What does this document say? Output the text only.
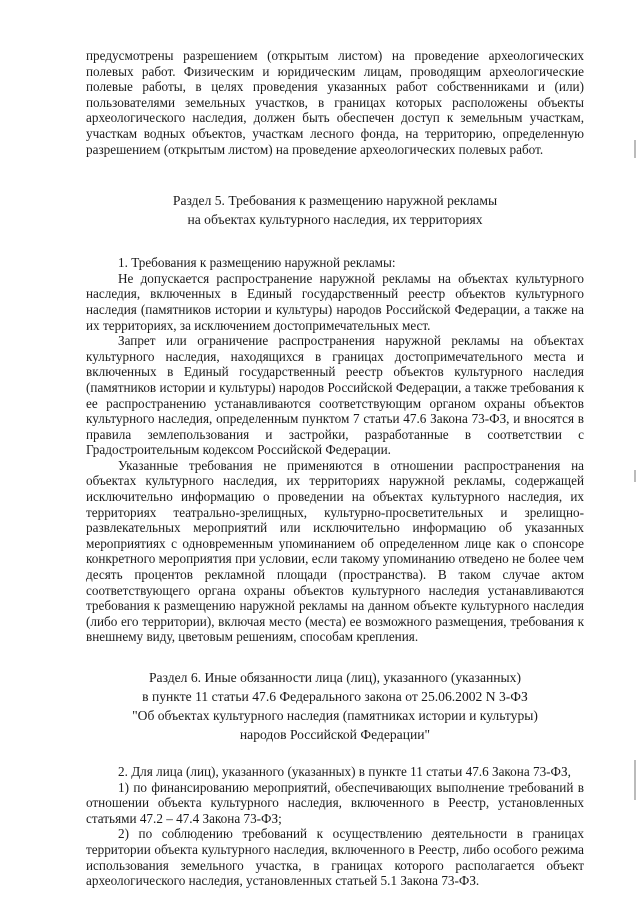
предусмотрены разрешением (открытым листом) на проведение археологических полевых работ. Физическим и юридическим лицам, проводящим археологические полевые работы, в целях проведения указанных работ собственниками и (или) пользователями земельных участков, в границах которых расположены объекты археологического наследия, должен быть обеспечен доступ к земельным участкам, участкам водных объектов, участкам лесного фонда, на территорию, определенную разрешением (открытым листом) на проведение археологических полевых работ.

Раздел 5. Требования к размещению наружной рекламы
на объектах культурного наследия, их территориях

1. Требования к размещению наружной рекламы:

Не допускается распространение наружной рекламы на объектах культурного наследия, включенных в Единый государственный реестр объектов культурного наследия (памятников истории и культуры) народов Российской Федерации, а также на их территориях, за исключением достопримечательных мест.

Запрет или ограничение распространения наружной рекламы на объектах культурного наследия, находящихся в границах достопримечательного места и включенных в Единый государственный реестр объектов культурного наследия (памятников истории и культуры) народов Российской Федерации, а также требования к ее распространению устанавливаются соответствующим органом охраны объектов культурного наследия, определенным пунктом 7 статьи 47.6 Закона 73-ФЗ, и вносятся в правила землепользования и застройки, разработанные в соответствии с Градостроительным кодексом Российской Федерации.

Указанные требования не применяются в отношении распространения на объектах культурного наследия, их территориях наружной рекламы, содержащей исключительно информацию о проведении на объектах культурного наследия, их территориях театрально-зрелищных, культурно-просветительных и зрелищно-развлекательных мероприятий или исключительно информацию об указанных мероприятиях с одновременным упоминанием об определенном лице как о спонсоре конкретного мероприятия при условии, если такому упоминанию отведено не более чем десять процентов рекламной площади (пространства). В таком случае актом соответствующего органа охраны объектов культурного наследия устанавливаются требования к размещению наружной рекламы на данном объекте культурного наследия (либо его территории), включая место (места) ее возможного размещения, требования к внешнему виду, цветовым решениям, способам крепления.

Раздел 6. Иные обязанности лица (лиц), указанного (указанных)
в пункте 11 статьи 47.6 Федерального закона от 25.06.2002 N 3-ФЗ
"Об объектах культурного наследия (памятниках истории и культуры)
народов Российской Федерации"

2. Для лица (лиц), указанного (указанных) в пункте 11 статьи 47.6 Закона 73-ФЗ,

1) по финансированию мероприятий, обеспечивающих выполнение требований в отношении объекта культурного наследия, включенного в Реестр, установленных статьями 47.2 – 47.4 Закона 73-ФЗ;

2) по соблюдению требований к осуществлению деятельности в границах территории объекта культурного наследия, включенного в Реестр, либо особого режима использования земельного участка, в границах которого располагается объект археологического наследия, установленных статьей 5.1 Закона 73-ФЗ.
